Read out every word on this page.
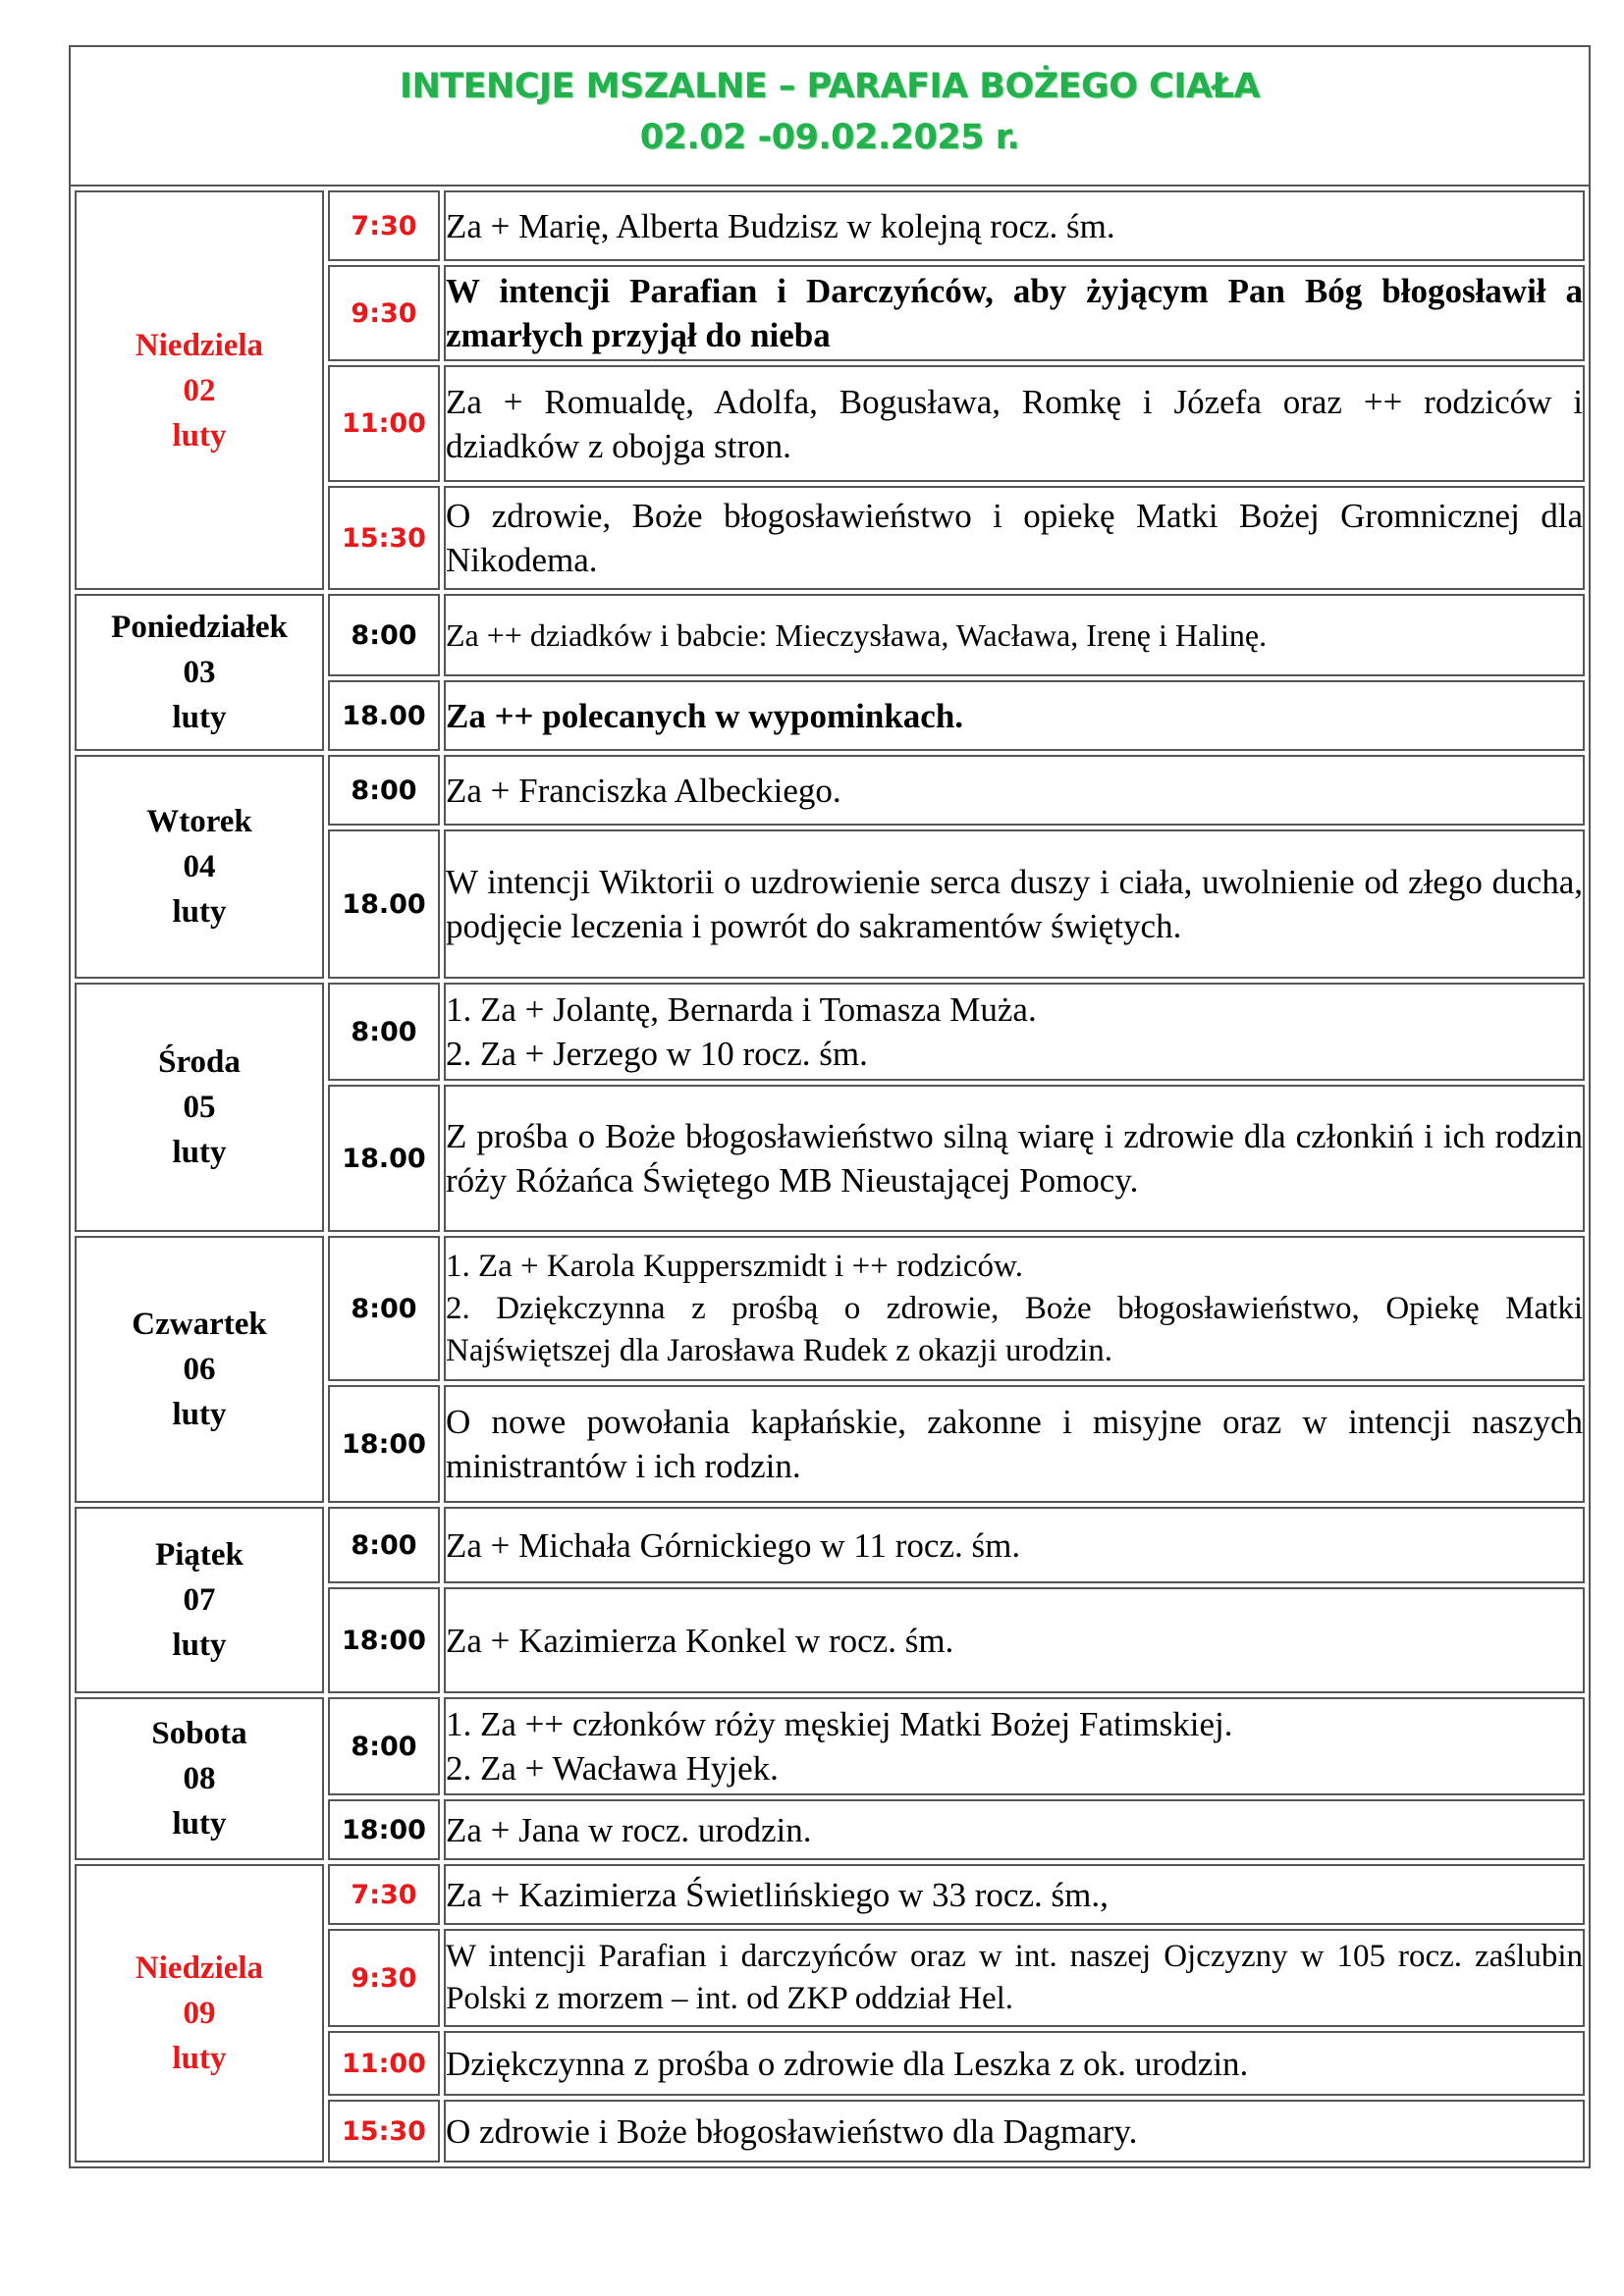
INTENCJE MSZALNE – PARAFIA BOŻEGO CIAŁA
02.02 -09.02.2025 r.
Niedziela
02
luty	7:30	Za + Marię, Alberta Budzisz w kolejną rocz. śm.
	9:30	W intencji Parafian i Darczyńców, aby żyjącym Pan Bóg błogosławił a zmarłych przyjął do nieba
	11:00	Za + Romualdę, Adolfa, Bogusława, Romkę i Józefa oraz ++ rodziców i dziadków z obojga stron.
	15:30	O zdrowie, Boże błogosławieństwo i opiekę Matki Bożej Gromnicznej dla Nikodema.

Poniedziałek
03
luty	8:00	Za ++ dziadków i babcie: Mieczysława, Wacława, Irenę i Halinę.
	18.00	Za ++ polecanych w wypominkach.

Wtorek
04
luty	8:00	Za + Franciszka Albeckiego.
	18.00	W intencji Wiktorii o uzdrowienie serca duszy i ciała, uwolnienie od złego ducha, podjęcie leczenia i powrót do sakramentów świętych.

Środa
05
luty	8:00	1. Za + Jolantę, Bernarda i Tomasza Muża.
2. Za + Jerzego w 10 rocz. śm.

	18.00	Z prośba o Boże błogosławieństwo silną wiarę i zdrowie dla członkiń i ich rodzin róży Różańca Świętego MB Nieustającej Pomocy.

Czwartek
06
luty	8:00	1. Za + Karola Kupperszmidt i ++ rodziców.
2. Dziękczynna z prośbą o zdrowie, Boże błogosławieństwo, Opiekę Matki Najświętszej dla Jarosława Rudek z okazji urodzin.

	18:00	O nowe powołania kapłańskie, zakonne i misyjne oraz w intencji naszych ministrantów i ich rodzin.

Piątek
07
luty	8:00	Za + Michała Górnickiego w 11 rocz. śm.
	18:00	Za + Kazimierza Konkel w rocz. śm.

Sobota
08
luty	8:00	1. Za ++ członków róży męskiej Matki Bożej Fatimskiej.
2. Za + Wacława Hyjek.

	18:00	Za + Jana w rocz. urodzin.

Niedziela
09
luty	7:30	Za + Kazimierza Świetlińskiego w 33 rocz. śm.,
	9:30	W intencji Parafian i darczyńców oraz w int. naszej Ojczyzny w 105 rocz. zaślubin Polski z morzem – int. od ZKP oddział Hel.
	11:00	Dziękczynna z prośba o zdrowie dla Leszka z ok. urodzin.
	15:30	O zdrowie i Boże błogosławieństwo dla Dagmary.
